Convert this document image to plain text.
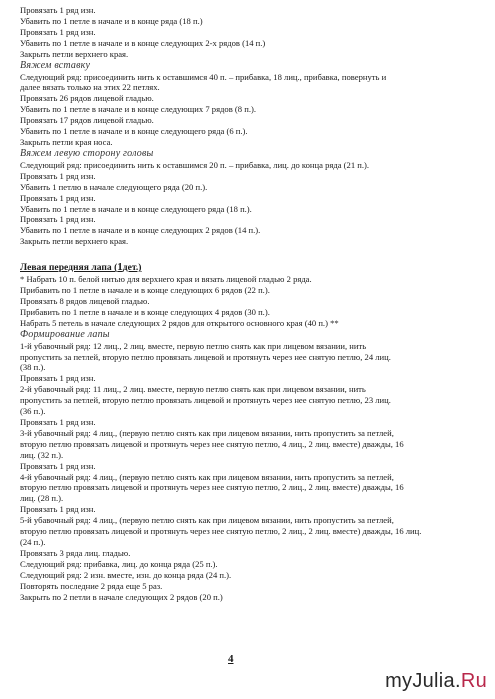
Провязать 1 ряд изн.
Убавить по 1 петле в начале и в конце ряда (18 п.)
Провязать 1 ряд изн.
Убавить по 1 петле в начале и в конце следующих 2-х рядов (14 п.)
Закрыть петли верхнего края.
Вяжем вставку
Следующий ряд: присоединить нить к оставшимся 40 п. – прибавка, 18 лиц., прибавка, повернуть и
далее вязать только на этих 22 петлях.
Провязать 26 рядов лицевой гладью.
Убавить по 1 петле в начале и в конце следующих 7 рядов (8 п.).
Провязать 17 рядов лицевой гладью.
Убавить по 1 петле в начале и в конце следующего ряда (6 п.).
Закрыть петли края носа.
Вяжем левую сторону головы
Следующий ряд: присоединить нить к оставшимся 20 п. – прибавка, лиц. до конца ряда (21 п.).
Провязать 1 ряд изн.
Убавить 1 петлю в начале следующего ряда (20 п.).
Провязать 1 ряд изн.
Убавить по 1 петле в начале и в конце следующего ряда (18 п.).
Провязать 1 ряд изн.
Убавить по 1 петле в начале и в конце следующих 2 рядов (14 п.).
Закрыть петли верхнего края.
Левая передняя лапа (1дет.)
* Набрать 10 п. белой нитью для верхнего края и вязать лицевой гладью 2 ряда.
Прибавить по 1 петле в начале и в конце следующих 6 рядов (22 п.).
Провязать 8 рядов лицевой гладью.
Прибавить по 1 петле в начале и в конце следующих 4 рядов (30 п.).
Набрать 5 петель в начале следующих 2 рядов для открытого основного края (40 п.) **
Формирование лапы
1-й убавочный ряд: 12 лиц., 2 лиц. вместе, первую петлю снять как при лицевом вязании, нить
пропустить за петлей, вторую петлю провязать лицевой и протянуть через нее снятую петлю, 24 лиц.
(38 п.).
Провязать 1 ряд изн.
2-й убавочный ряд: 11 лиц., 2 лиц. вместе, первую петлю снять как при лицевом вязании, нить
пропустить за петлей, вторую петлю провязать лицевой и протянуть через нее снятую петлю, 23 лиц.
(36 п.).
Провязать 1 ряд изн.
3-й убавочный ряд: 4 лиц., (первую петлю снять как при лицевом вязании, нить пропустить за петлей,
вторую петлю провязать лицевой и протянуть через нее снятую петлю, 4 лиц., 2 лиц. вместе) дважды, 16
лиц. (32 п.).
Провязать 1 ряд изн.
4-й убавочный ряд: 4 лиц., (первую петлю снять как при лицевом вязании, нить пропустить за петлей,
вторую петлю провязать лицевой и протянуть через нее снятую петлю, 2 лиц., 2 лиц. вместе) дважды, 16
лиц. (28 п.).
Провязать 1 ряд изн.
5-й убавочный ряд: 4 лиц., (первую петлю снять как при лицевом вязании, нить пропустить за петлей,
вторую петлю провязать лицевой и протянуть через нее снятую петлю, 2 лиц., 2 лиц. вместе) дважды, 16 лиц.
(24 п.).
Провязать 3 ряда лиц. гладью.
Следующий ряд: прибавка, лиц. до конца ряда (25 п.).
Следующий ряд: 2 изн. вместе, изн. до конца ряда (24 п.).
Повторять последние 2 ряда еще 5 раз.
Закрыть по 2 петли в начале следующих 2 рядов (20 п.)
4
myJulia.Ru
